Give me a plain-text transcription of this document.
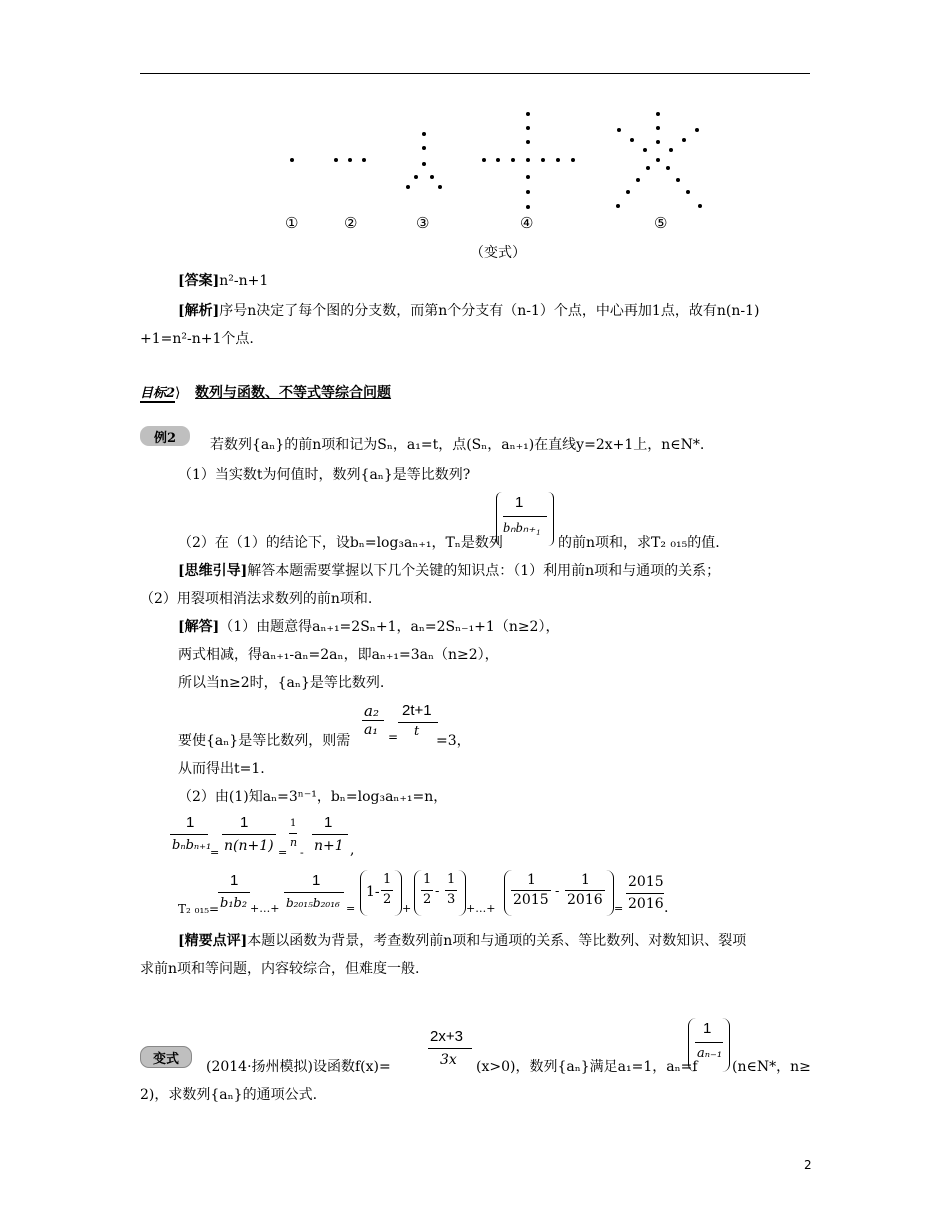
①	②	③	④	⑤
（变式）
[答案]n²-n+1
[解析]序号n决定了每个图的分支数，而第n个分支有（n-1）个点，中心再加1点，故有n(n-1)
+1=n²-n+1个点.
目标2⟩ 数列与函数、不等式等综合问题
例2	若数列{aₙ}的前n项和记为Sₙ，a₁=t，点(Sₙ，aₙ₊₁)在直线y=2x+1上，n∈N*.
（1）当实数t为何值时，数列{aₙ}是等比数列?
（2）在（1）的结论下，设bₙ=log₃aₙ₊₁，Tₙ是数列
1
bₙbₙ₊₁
的前n项和，求T₂ ₀₁₅的值.
[思维引导]解答本题需要掌握以下几个关键的知识点：（1）利用前n项和与通项的关系；
（2）用裂项相消法求数列的前n项和.
[解答]（1）由题意得aₙ₊₁=2Sₙ+1，aₙ=2Sₙ₋₁+1（n≥2），
两式相减，得aₙ₊₁-aₙ=2aₙ，即aₙ₊₁=3aₙ（n≥2），
所以当n≥2时，{aₙ}是等比数列.
要使{aₙ}是等比数列，则需
a₂
a₁ =
2t+1
t
=3，
从而得出t=1.
（2）由(1)知aₙ=3ⁿ⁻¹，bₙ=log₃aₙ₊₁=n，
1
bₙbₙ₊₁
=
1
n(n+1) =
1
n
-
1
n+1 ,
T₂ ₀₁₅=
1
b₁b₂ +…+
1
b₂₀₁₅b₂₀₁₆ =
1-
1
2
+
1
2
-
1
3
+…+
1
2015
-
1
2016
=
2015
2016 .
[精要点评]本题以函数为背景，考查数列前n项和与通项的关系、等比数列、对数知识、裂项
求前n项和等问题，内容较综合，但难度一般.
变式	(2014·扬州模拟)设函数f(x)=
2x+3
3x (x>0)，数列{aₙ}满足a₁=1，aₙ=f
1
aₙ₋₁
(n∈N*，n≥
2)，求数列{aₙ}的通项公式.
2
